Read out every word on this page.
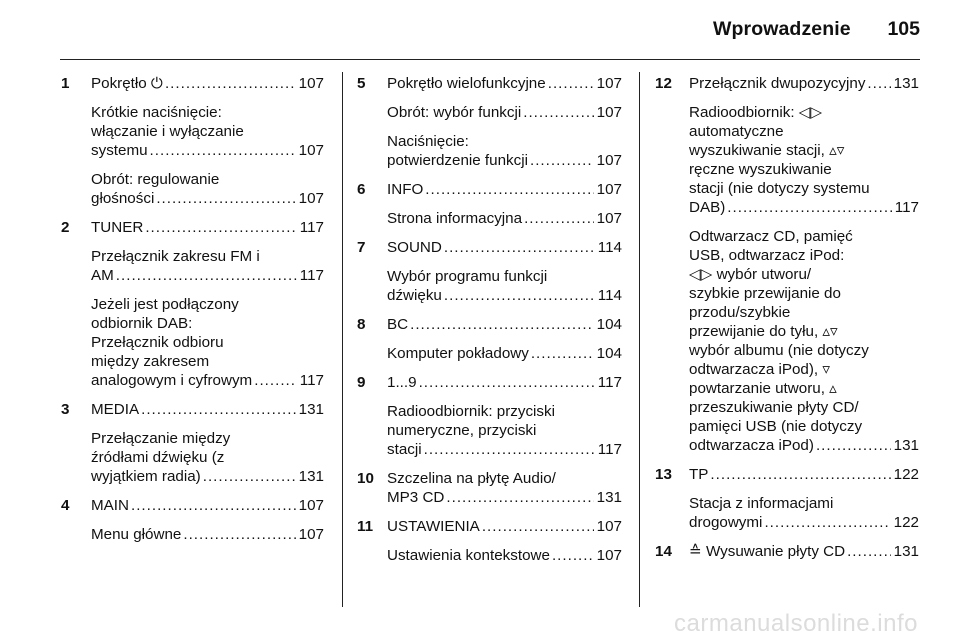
Wprowadzenie 105
1 Pokrętło ⏻ .....	107
Krótkie naciśnięcie:
włączanie i wyłączanie
systemu .....	107
Obrót: regulowanie
głośności .....	107
2 TUNER .....	117
Przełącznik zakresu FM i
AM .....	117
Jeżeli jest podłączony
odbiornik DAB:
Przełącznik odbioru
między zakresem
analogowym i cyfrowym .....	117
3 MEDIA .....	131
Przełączanie między
źródłami dźwięku (z
wyjątkiem radia) .....	131
4 MAIN .....	107
Menu główne .....	107
5 Pokrętło wielofunkcyjne .....	107
Obrót: wybór funkcji .....	107
Naciśnięcie:
potwierdzenie funkcji .....	107
6 INFO .....	107
Strona informacyjna .....	107
7 SOUND .....	114
Wybór programu funkcji
dźwięku .....	114
8 BC .....	104
Komputer pokładowy .....	104
9 1...9 .....	117
Radioodbiornik: przyciski
numeryczne, przyciski
stacji .....	117
10 Szczelina na płytę Audio/
MP3 CD .....	131
11 USTAWIENIA .....	107
Ustawienia kontekstowe .....	107
12 Przełącznik dwupozycyjny ..... 131
Radioodbiornik: ◁▷
automatyczne
wyszukiwanie stacji, ▵▿
ręczne wyszukiwanie
stacji (nie dotyczy systemu
DAB) .....	117
Odtwarzacz CD, pamięć
USB, odtwarzacz iPod:
◁▷ wybór utworu/
szybkie przewijanie do
przodu/szybkie
przewijanie do tyłu, ▵▿
wybór albumu (nie dotyczy
odtwarzacza iPod), ▿
powtarzanie utworu, ▵
przeszukiwanie płyty CD/
pamięci USB (nie dotyczy
odtwarzacza iPod) .....	131
13 TP .....	122
Stacja z informacjami
drogowymi .....	122
14 ≙ Wysuwanie płyty CD .....	131
carmanualsonline.info
